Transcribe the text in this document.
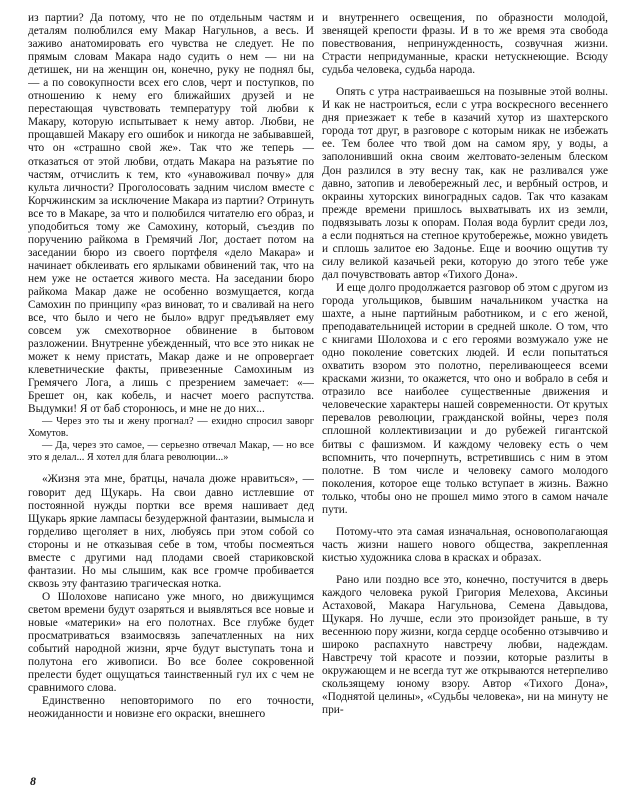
из партии? Да потому, что не по отдельным частям и деталям полюблился ему Макар Нагульнов, а весь. И заживо анатомировать его чувства не следует. Не по прямым словам Макара надо судить о нем — ни на детишек, ни на женщин он, конечно, руку не поднял бы, — а по совокупности всех его слов, черт и поступков, по отношению к нему его ближайших друзей и не перестающая чувствовать температуру той любви к Макару, которую испытывает к нему автор. Любви, не прощавшей Макару его ошибок и никогда не забывавшей, что он «страшно свой же». Так что же теперь — отказаться от этой любви, отдать Макара на разъятие по частям, отчислить к тем, кто «унавоживал почву» для культа личности? Проголосовать задним числом вместе с Корчжинским за исключение Макара из партии? Отринуть все то в Макаре, за что и полюбился читателю его образ, и уподобиться тому же Самохину, который, съездив по поручению райкома в Гремячий Лог, достает потом на заседании бюро из своего портфеля «дело Макара» и начинает обклеивать его ярлыками обвинений так, что на нем уже не остается живого места. На заседании бюро райкома Макар даже не особенно возмущается, когда Самохин по принципу «раз виноват, то и сваливай на него все, что было и чего не было» вдруг предъявляет ему совсем уж смехотворное обвинение в бытовом разложении. Внутренне убежденный, что все это никак не может к нему пристать, Макар даже и не опровергает клеветнические факты, привезенные Самохиным из Гремячего Лога, а лишь с презрением замечает: «— Брешет он, как кобель, и насчет моего распутства. Выдумки! Я от баб сторонюсь, и мне не до них...

— Через это ты и жену прогнал? — ехидно спросил заворг Хомутов.

— Да, через это самое, — серьезно отвечал Макар, — но все это я делал... Я хотел для блага революции...»

«Жизня эта мне, братцы, начала дюже нравиться», — говорит дед Щукарь. На свои давно истлевшие от постоянной нужды портки все время нашивает дед Щукарь яркие лампасы безудержной фантазии, вымысла и горделиво щеголяет в них, любуясь при этом собой со стороны и не отказывая себе в том, чтобы посмеяться вместе с другими над плодами своей стариковской фантазии. Но мы слышим, как все громче пробивается сквозь эту фантазию трагическая нотка.

О Шолохове написано уже много, но движущимся светом времени будут озаряться и выявляться все новые и новые «материки» на его полотнах. Все глубже будет просматриваться взаимосвязь запечатленных на них событий народной жизни, ярче будут выступать тона и полутона его живописи. Во все более сокровенной прелести будет ощущаться таинственный гул их с чем не сравнимого слова.

Единственно неповторимого по его точности, неожиданности и новизне его окраски, внешнего

и внутреннего освещения, по образности молодой, звенящей крепости фразы. И в то же время эта свобода повествования, непринужденность, созвучная жизни. Страсти непридуманные, краски нетускнеющие. Всюду судьба человека, судьба народа.

Опять с утра настраиваешься на позывные этой волны. И как не настроиться, если с утра воскресного весеннего дня приезжает к тебе в казачий хутор из шахтерского города тот друг, в разговоре с которым никак не избежать ее. Тем более что твой дом на самом яру, у воды, а заполонивший окна своим желтовато-зеленым блеском Дон разлился в эту весну так, как не разливался уже давно, затопив и левобережный лес, и вербный остров, и окраины хуторских виноградных садов. Так что казакам прежде времени пришлось выхватывать их из земли, подвязывать лозы к опорам. Полая вода бурлит среди лоз, а если подняться на степное крутобережье, можно увидеть и сплошь залитое ею Задонье. Еще и воочию ощутив ту силу великой казачьей реки, которую до этого тебе уже дал почувствовать автор «Тихого Дона».

И еще долго продолжается разговор об этом с другом из города угольщиков, бывшим начальником участка на шахте, а ныне партийным работником, и с его женой, преподавательницей истории в средней школе. О том, что с книгами Шолохова и с его героями возмужало уже не одно поколение советских людей. И если попытаться охватить взором это полотно, переливающееся всеми красками жизни, то окажется, что оно и вобрало в себя и отразило все наиболее существенные движения и человеческие характеры нашей современности. От крутых перевалов революции, гражданской войны, через поля сплошной коллективизации и до рубежей гигантской битвы с фашизмом. И каждому человеку есть о чем вспомнить, что почерпнуть, встретившись с ним в этом полотне. В том числе и человеку самого молодого поколения, которое еще только вступает в жизнь. Важно только, чтобы оно не прошел мимо этого в самом начале пути.

Потому-что эта самая изначальная, основополагающая часть жизни нашего нового общества, закрепленная кистью художника слова в красках и образах.

Рано или поздно все это, конечно, постучится в дверь каждого человека рукой Григория Мелехова, Аксиньи Астаховой, Макара Нагульнова, Семена Давыдова, Щукаря. Но лучше, если это произойдет раньше, в ту весеннюю пору жизни, когда сердце особенно отзывчиво и широко распахнуто навстречу любви, надеждам. Навстречу той красоте и поэзии, которые разлиты в окружающем и не всегда тут же открываются нетерпеливо скользящему юному взору. Автор «Тихого Дона», «Поднятой целины», «Судьбы человека», ни на минуту не при-

8
